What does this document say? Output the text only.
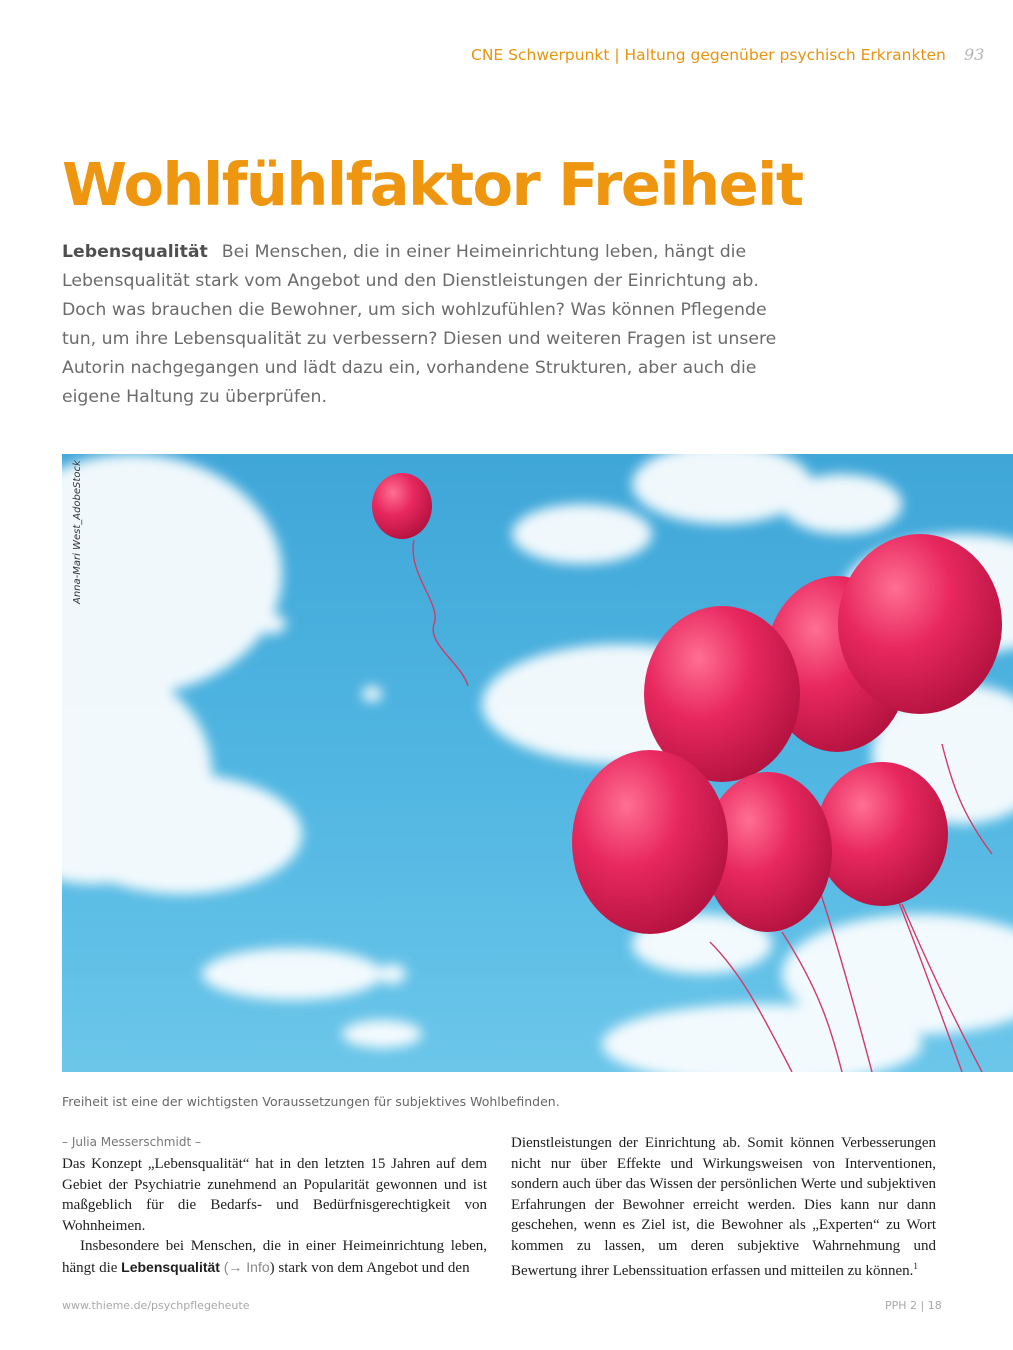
CNE Schwerpunkt | Haltung gegenüber psychisch Erkrankten 93
Wohlfühlfaktor Freiheit
Lebensqualität Bei Menschen, die in einer Heimeinrichtung leben, hängt die Lebensqualität stark vom Angebot und den Dienstleistungen der Einrichtung ab. Doch was brauchen die Bewohner, um sich wohlzufühlen? Was können Pflegende tun, um ihre Lebensqualität zu verbessern? Diesen und weiteren Fragen ist unsere Autorin nachgegangen und lädt dazu ein, vorhandene Strukturen, aber auch die eigene Haltung zu überprüfen.
Anna-Mari West_AdobeStock
Freiheit ist eine der wichtigsten Voraussetzungen für subjektives Wohlbefinden.
– Julia Messerschmidt –

Das Konzept „Lebensqualität“ hat in den letzten 15 Jahren auf dem Gebiet der Psychiatrie zunehmend an Popularität gewonnen und ist maßgeblich für die Bedarfs- und Bedürfnisgerechtigkeit von Wohnheimen.

Insbesondere bei Menschen, die in einer Heimeinrichtung leben, hängt die Lebensqualität (→ Info) stark von dem Angebot und den

Dienstleistungen der Einrichtung ab. Somit können Verbesserungen nicht nur über Effekte und Wirkungsweisen von Interventionen, sondern auch über das Wissen der persönlichen Werte und subjektiven Erfahrungen der Bewohner erreicht werden. Dies kann nur dann geschehen, wenn es Ziel ist, die Bewohner als „Experten“ zu Wort kommen zu lassen, um deren subjektive Wahrnehmung und Bewertung ihrer Lebenssituation erfassen und mitteilen zu können.$^1$

www.thieme.de/psychpflegeheute	PPH 2 | 18
